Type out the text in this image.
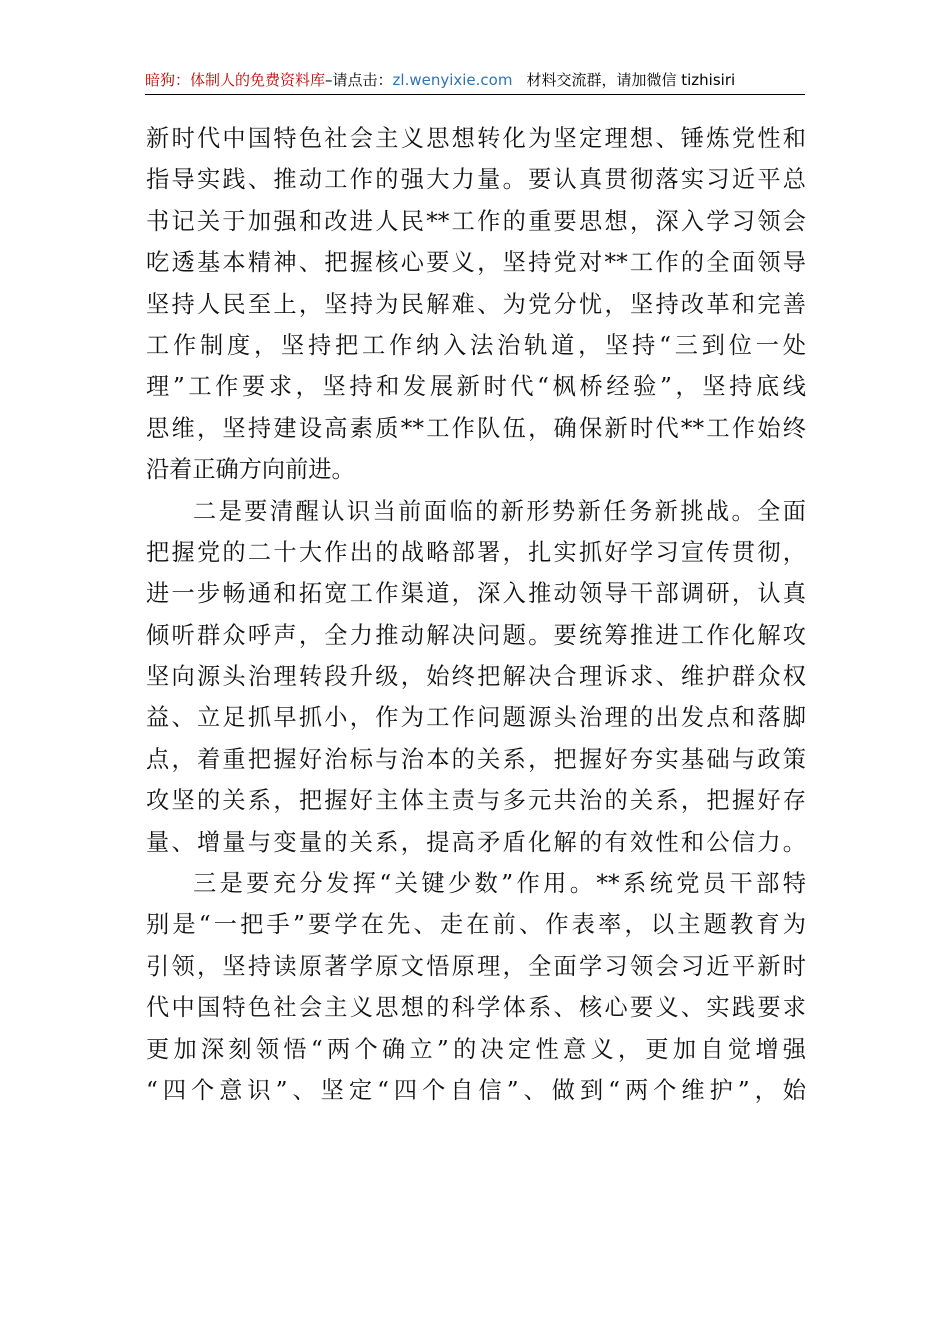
暗狗：体制人的免费资料库–请点击：zl.wenyixie.com 材料交流群，请加微信 tizhisiri
新时代中国特色社会主义思想转化为坚定理想、锤炼党性和
指导实践、推动工作的强大力量。要认真贯彻落实习近平总
书记关于加强和改进人民**工作的重要思想，深入学习领会
吃透基本精神、把握核心要义，坚持党对**工作的全面领导
坚持人民至上，坚持为民解难、为党分忧，坚持改革和完善
工作制度，坚持把工作纳入法治轨道，坚持“三到位一处
理”工作要求，坚持和发展新时代“枫桥经验”，坚持底线
思维，坚持建设高素质**工作队伍，确保新时代**工作始终
沿着正确方向前进。
二是要清醒认识当前面临的新形势新任务新挑战。全面
把握党的二十大作出的战略部署，扎实抓好学习宣传贯彻，
进一步畅通和拓宽工作渠道，深入推动领导干部调研，认真
倾听群众呼声，全力推动解决问题。要统筹推进工作化解攻
坚向源头治理转段升级，始终把解决合理诉求、维护群众权
益、立足抓早抓小，作为工作问题源头治理的出发点和落脚
点，着重把握好治标与治本的关系，把握好夯实基础与政策
攻坚的关系，把握好主体主责与多元共治的关系，把握好存
量、增量与变量的关系，提高矛盾化解的有效性和公信力。
三是要充分发挥“关键少数”作用。**系统党员干部特
别是“一把手”要学在先、走在前、作表率，以主题教育为
引领，坚持读原著学原文悟原理，全面学习领会习近平新时
代中国特色社会主义思想的科学体系、核心要义、实践要求
更加深刻领悟“两个确立”的决定性意义，更加自觉增强
“四个意识”、坚定“四个自信”、做到“两个维护”，始
